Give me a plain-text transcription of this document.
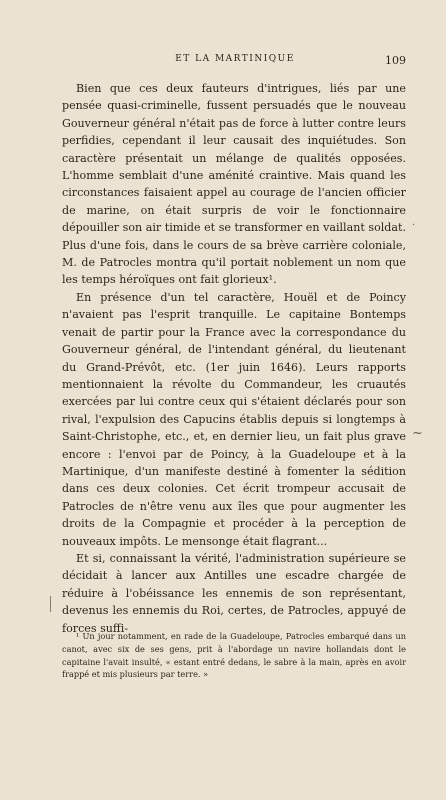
ET LA MARTINIQUE	109

Bien que ces deux fauteurs d'intrigues, liés par une pensée quasi-criminelle, fussent persuadés que le nouveau Gouverneur général n'était pas de force à lutter contre leurs perfidies, cependant il leur causait des inquiétudes. Son caractère présentait un mélange de qualités opposées. L'homme semblait d'une aménité craintive. Mais quand les circonstances faisaient appel au courage de l'ancien officier de marine, on était surpris de voir le fonctionnaire dépouiller son air timide et se transformer en vaillant soldat. Plus d'une fois, dans le cours de sa brève carrière coloniale, M. de Patrocles montra qu'il portait noblement un nom que les temps héroïques ont fait glorieux¹.

En présence d'un tel caractère, Houël et de Poincy n'avaient pas l'esprit tranquille. Le capitaine Bontemps venait de partir pour la France avec la correspondance du Gouverneur général, de l'intendant général, du lieutenant du Grand-Prévôt, etc. (1er juin 1646). Leurs rapports mentionnaient la révolte du Commandeur, les cruautés exercées par lui contre ceux qui s'étaient déclarés pour son rival, l'expulsion des Capucins établis depuis si longtemps à Saint-Christophe, etc., et, en dernier lieu, un fait plus grave encore : l'envoi par de Poincy, à la Guadeloupe et à la Martinique, d'un manifeste destiné à fomenter la sédition dans ces deux colonies. Cet écrit trompeur accusait de Patrocles de n'être venu aux îles que pour augmenter les droits de la Compagnie et procéder à la perception de nouveaux impôts. Le mensonge était flagrant...

Et si, connaissant la vérité, l'administration supérieure se décidait à lancer aux Antilles une escadre chargée de réduire à l'obéissance les ennemis de son représentant, devenus les ennemis du Roi, certes, de Patrocles, appuyé de forces suffi-

¹ Un jour notamment, en rade de la Guadeloupe, Patrocles embarqué dans un canot, avec six de ses gens, prit à l'abordage un navire hollandais dont le capitaine l'avait insulté, « estant entré dedans, le sabre à la main, après en avoir frappé et mis plusieurs par terre. »

·
~
